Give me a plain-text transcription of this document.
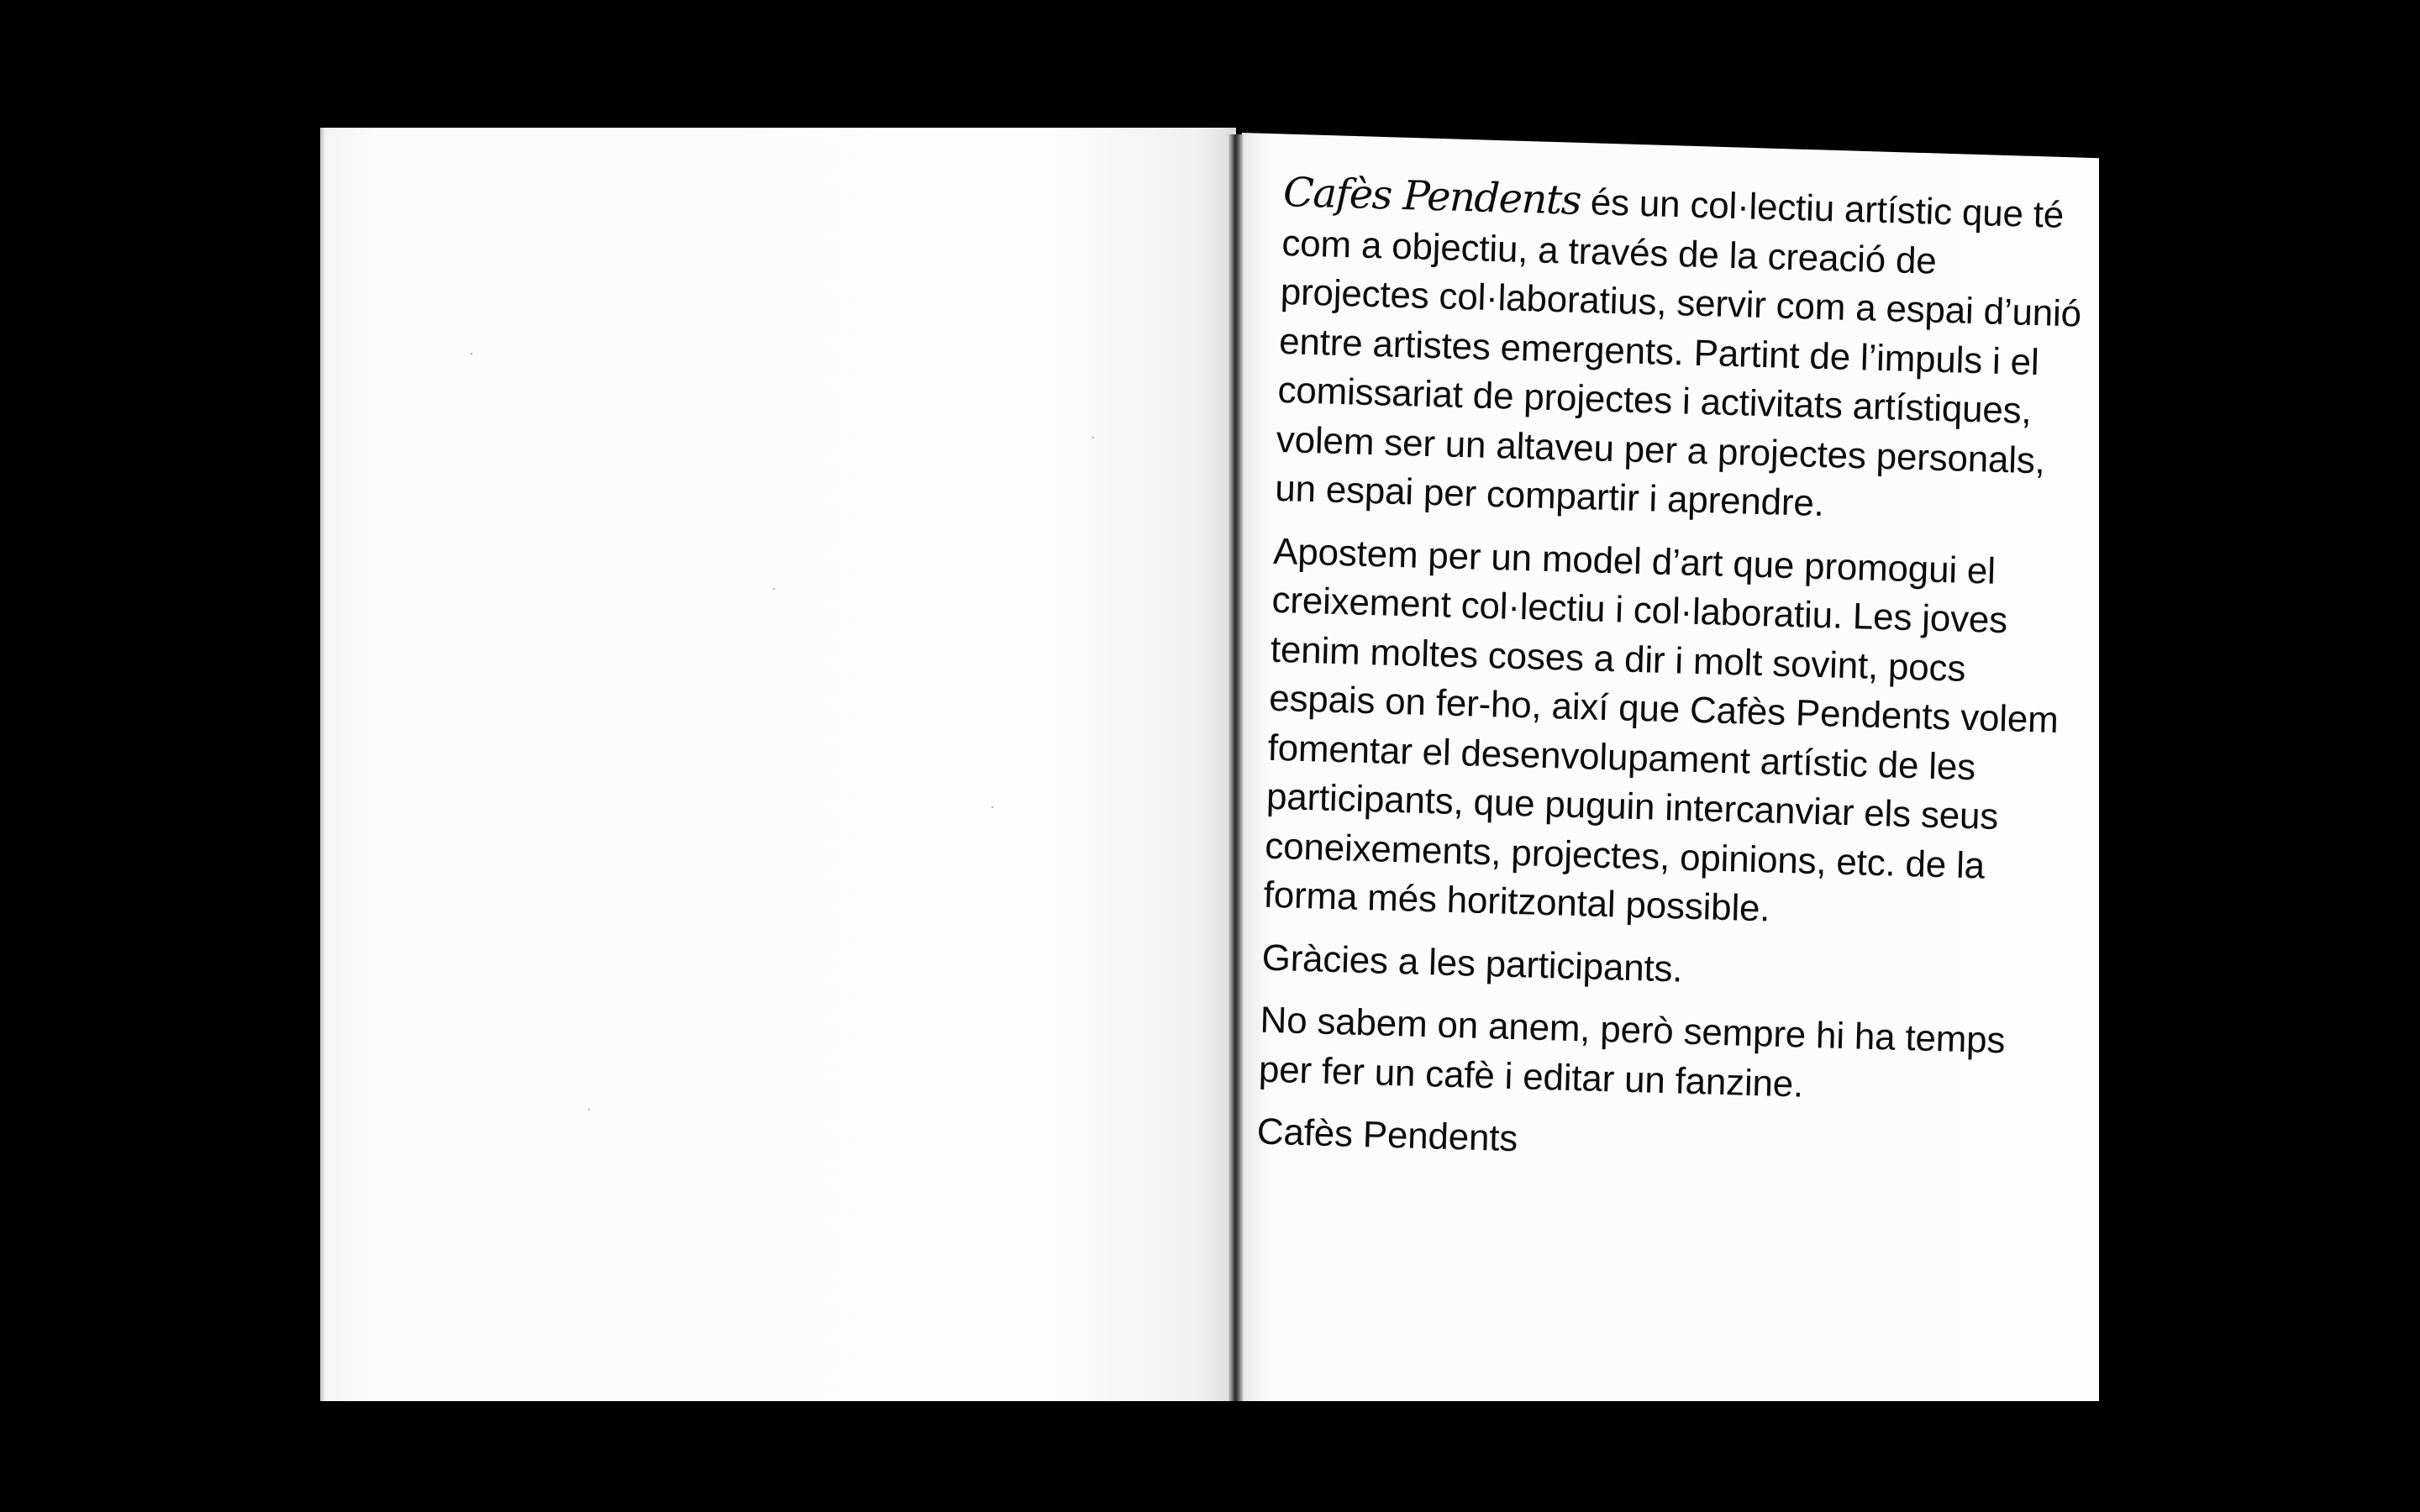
Cafès Pendents és un col·lectiu artístic que té com a objectiu, a través de la creació de projectes col·laboratius, servir com a espai d’unió entre artistes emergents. Partint de l’impuls i el comissariat de projectes i activitats artístiques, volem ser un altaveu per a projectes personals, un espai per compartir i aprendre.

Apostem per un model d’art que promogui el creixement col·lectiu i col·laboratiu. Les joves tenim moltes coses a dir i molt sovint, pocs espais on fer-ho, així que Cafès Pendents volem fomentar el desenvolupament artístic de les participants, que puguin intercanviar els seus coneixements, projectes, opinions, etc. de la forma més horitzontal possible.

Gràcies a les participants.

No sabem on anem, però sempre hi ha temps per fer un cafè i editar un fanzine.

Cafès Pendents
